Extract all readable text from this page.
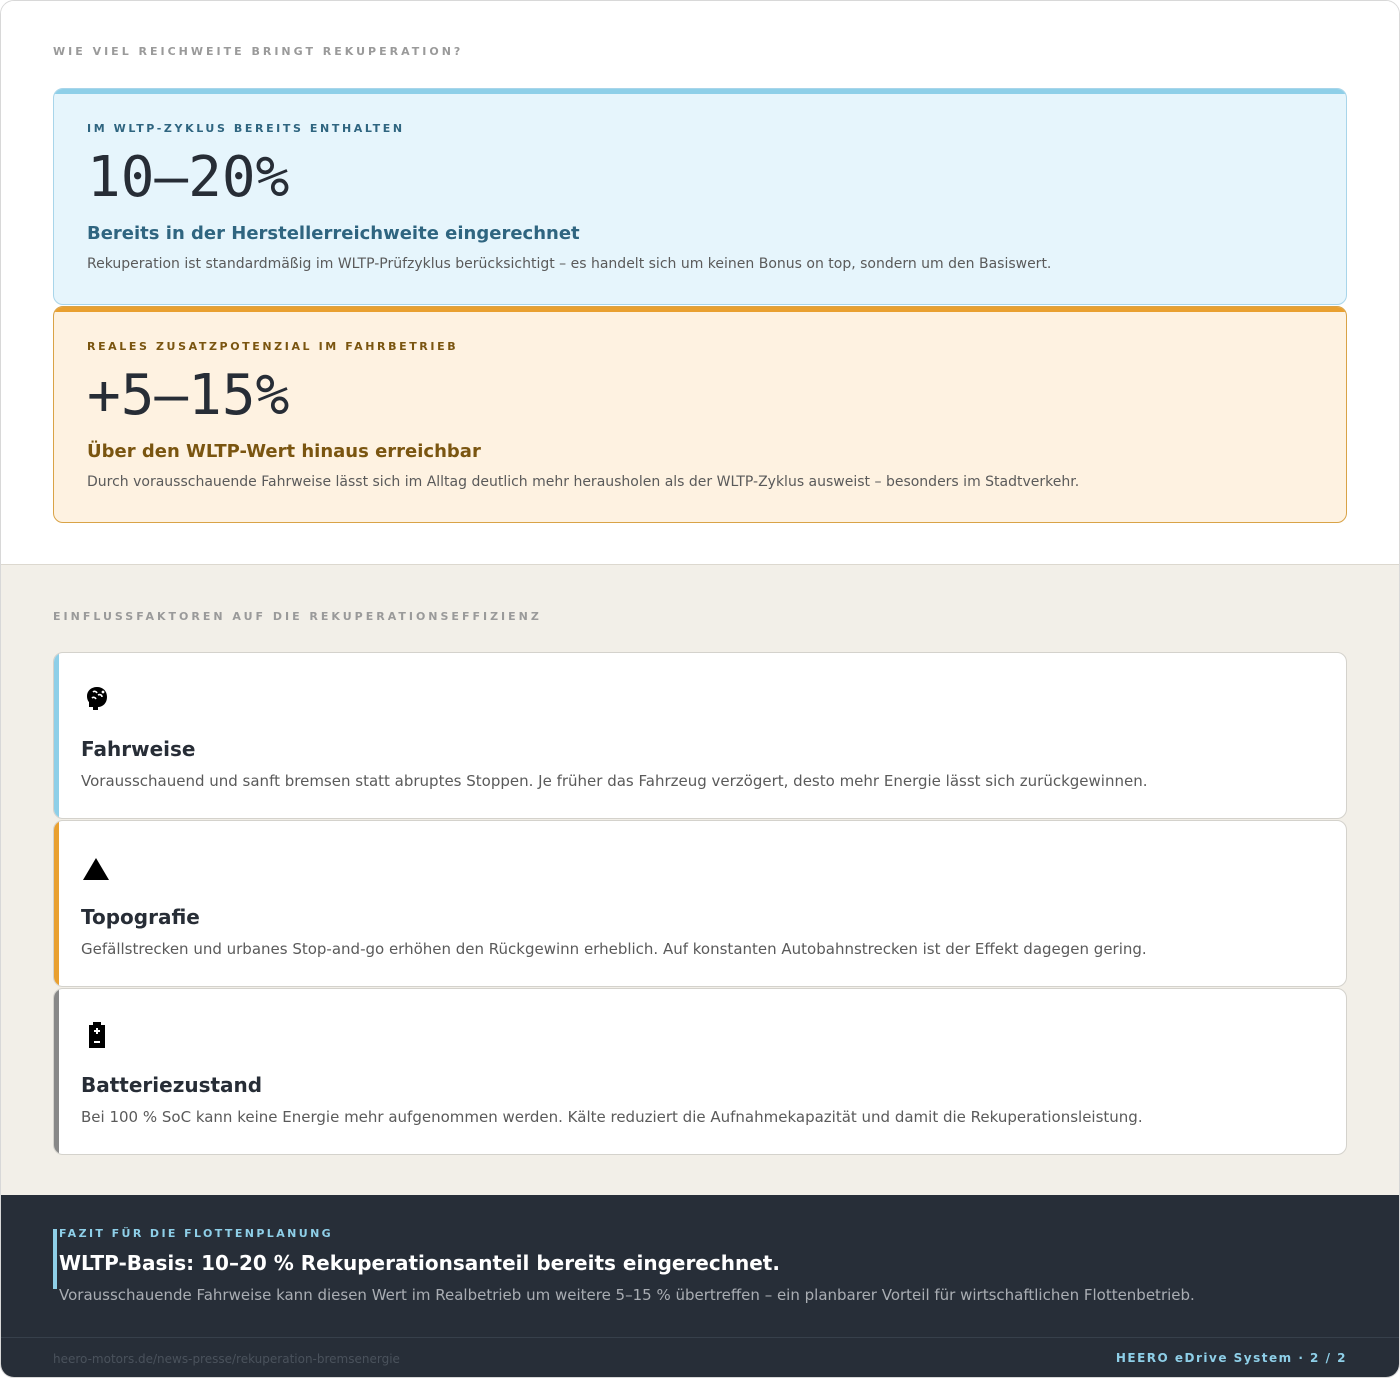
WIE VIEL REICHWEITE BRINGT REKUPERATION?
IM WLTP-ZYKLUS BEREITS ENTHALTEN
10–20%
Bereits in der Herstellerreichweite eingerechnet
Rekuperation ist standardmäßig im WLTP-Prüfzyklus berücksichtigt – es handelt sich um keinen Bonus on top, sondern um den Basiswert.
REALES ZUSATZPOTENZIAL IM FAHRBETRIEB
+5–15%
Über den WLTP-Wert hinaus erreichbar
Durch vorausschauende Fahrweise lässt sich im Alltag deutlich mehr herausholen als der WLTP-Zyklus ausweist – besonders im Stadtverkehr.
EINFLUSSFAKTOREN AUF DIE REKUPERATIONSEFFIZIENZ
Fahrweise
Vorausschauend und sanft bremsen statt abruptes Stoppen. Je früher das Fahrzeug verzögert, desto mehr Energie lässt sich zurückgewinnen.
Topografie
Gefällstrecken und urbanes Stop-and-go erhöhen den Rückgewinn erheblich. Auf konstanten Autobahnstrecken ist der Effekt dagegen gering.
Batteriezustand
Bei 100 % SoC kann keine Energie mehr aufgenommen werden. Kälte reduziert die Aufnahmekapazität und damit die Rekuperationsleistung.
FAZIT FÜR DIE FLOTTENPLANUNG
WLTP-Basis: 10–20 % Rekuperationsanteil bereits eingerechnet.
Vorausschauende Fahrweise kann diesen Wert im Realbetrieb um weitere 5–15 % übertreffen – ein planbarer Vorteil für wirtschaftlichen Flottenbetrieb.
heero-motors.de/news-presse/rekuperation-bremsenergie	HEERO eDrive System · 2 / 2
